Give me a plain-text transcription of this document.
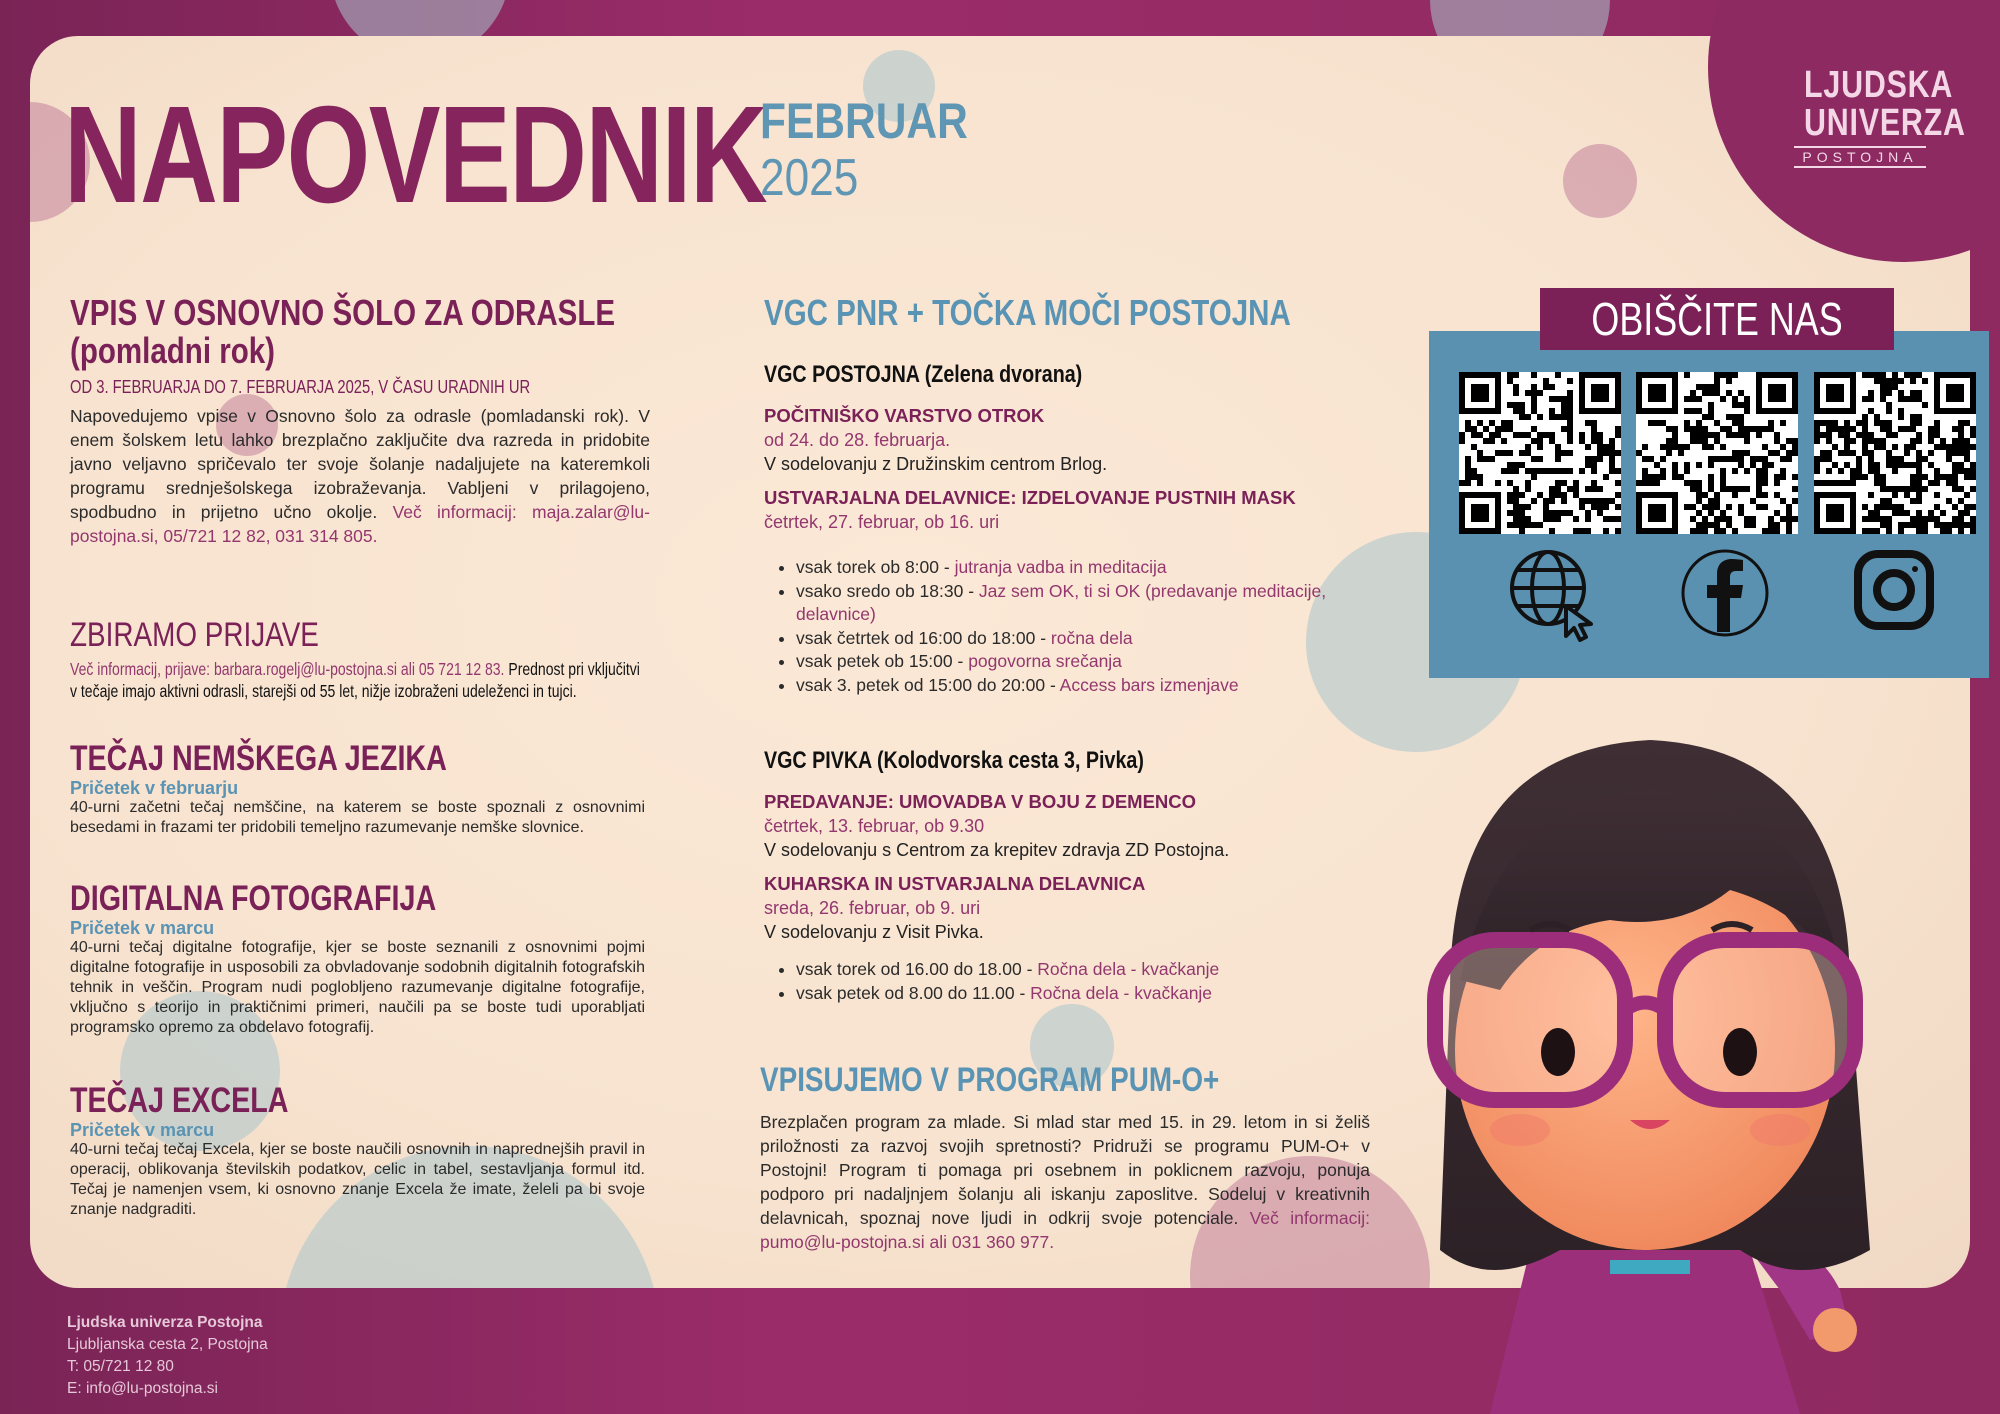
LJUDSKA
UNIVERZA
POSTOJNA
NAPOVEDNIK
FEBRUAR
2025
VPIS V OSNOVNO ŠOLO ZA ODRASLE
(pomladni rok)
OD 3. FEBRUARJA DO 7. FEBRUARJA 2025, V ČASU URADNIH UR
Napovedujemo vpise v Osnovno šolo za odrasle (pomladanski rok). V enem šolskem letu lahko brezplačno zaključite dva razreda in pridobite javno veljavno spričevalo ter svoje šolanje nadaljujete na kateremkoli programu srednješolskega izobraževanja. Vabljeni v prilagojeno, spodbudno in prijetno učno okolje. Več informacij: maja.zalar@lu-postojna.si, 05/721 12 82, 031 314 805.
ZBIRAMO PRIJAVE
Več informacij, prijave: barbara.rogelj@lu-postojna.si ali 05 721 12 83. Prednost pri vključitvi v tečaje imajo aktivni odrasli, starejši od 55 let, nižje izobraženi udeleženci in tujci.
TEČAJ NEMŠKEGA JEZIKA
Pričetek v februarju
40-urni začetni tečaj nemščine, na katerem se boste spoznali z osnovnimi besedami in frazami ter pridobili temeljno razumevanje nemške slovnice.
DIGITALNA FOTOGRAFIJA
Pričetek v marcu
40-urni tečaj digitalne fotografije, kjer se boste seznanili z osnovnimi pojmi digitalne fotografije in usposobili za obvladovanje sodobnih digitalnih fotografskih tehnik in veščin. Program nudi poglobljeno razumevanje digitalne fotografije, vključno s teorijo in praktičnimi primeri, naučili pa se boste tudi uporabljati programsko opremo za obdelavo fotografij.
TEČAJ EXCELA
Pričetek v marcu
40-urni tečaj tečaj Excela, kjer se boste naučili osnovnih in naprednejših pravil in operacij, oblikovanja številskih podatkov, celic in tabel, sestavljanja formul itd. Tečaj je namenjen vsem, ki osnovno znanje Excela že imate, želeli pa bi svoje znanje nadgraditi.
VGC PNR + TOČKA MOČI POSTOJNA
VGC POSTOJNA (Zelena dvorana)
POČITNIŠKO VARSTVO OTROK
od 24. do 28. februarja.
V sodelovanju z Družinskim centrom Brlog.
USTVARJALNA DELAVNICE: IZDELOVANJE PUSTNIH MASK
četrtek, 27. februar, ob 16. uri
• vsak torek ob 8:00 - jutranja vadba in meditacija
• vsako sredo ob 18:30 - Jaz sem OK, ti si OK (predavanje meditacije, delavnice)
• vsak četrtek od 16:00 do 18:00 - ročna dela
• vsak petek ob 15:00 - pogovorna srečanja
• vsak 3. petek od 15:00 do 20:00 - Access bars izmenjave
VGC PIVKA (Kolodvorska cesta 3, Pivka)
PREDAVANJE: UMOVADBA V BOJU Z DEMENCO
četrtek, 13. februar, ob 9.30
V sodelovanju s Centrom za krepitev zdravja ZD Postojna.
KUHARSKA IN USTVARJALNA DELAVNICA
sreda, 26. februar, ob 9. uri
V sodelovanju z Visit Pivka.
• vsak torek od 16.00 do 18.00 - Ročna dela - kvačkanje
• vsak petek od 8.00 do 11.00 - Ročna dela - kvačkanje
VPISUJEMO V PROGRAM PUM-O+
Brezplačen program za mlade. Si mlad star med 15. in 29. letom in si želiš priložnosti za razvoj svojih spretnosti? Pridruži se programu PUM-O+ v Postojni! Program ti pomaga pri osebnem in poklicnem razvoju, ponuja podporo pri nadaljnjem šolanju ali iskanju zaposlitve. Sodeluj v kreativnih delavnicah, spoznaj nove ljudi in odkrij svoje potenciale. Več informacij: pumo@lu-postojna.si ali 031 360 977.
OBIŠČITE NAS
Ljudska univerza Postojna
Ljubljanska cesta 2, Postojna
T: 05/721 12 80
E: info@lu-postojna.si
